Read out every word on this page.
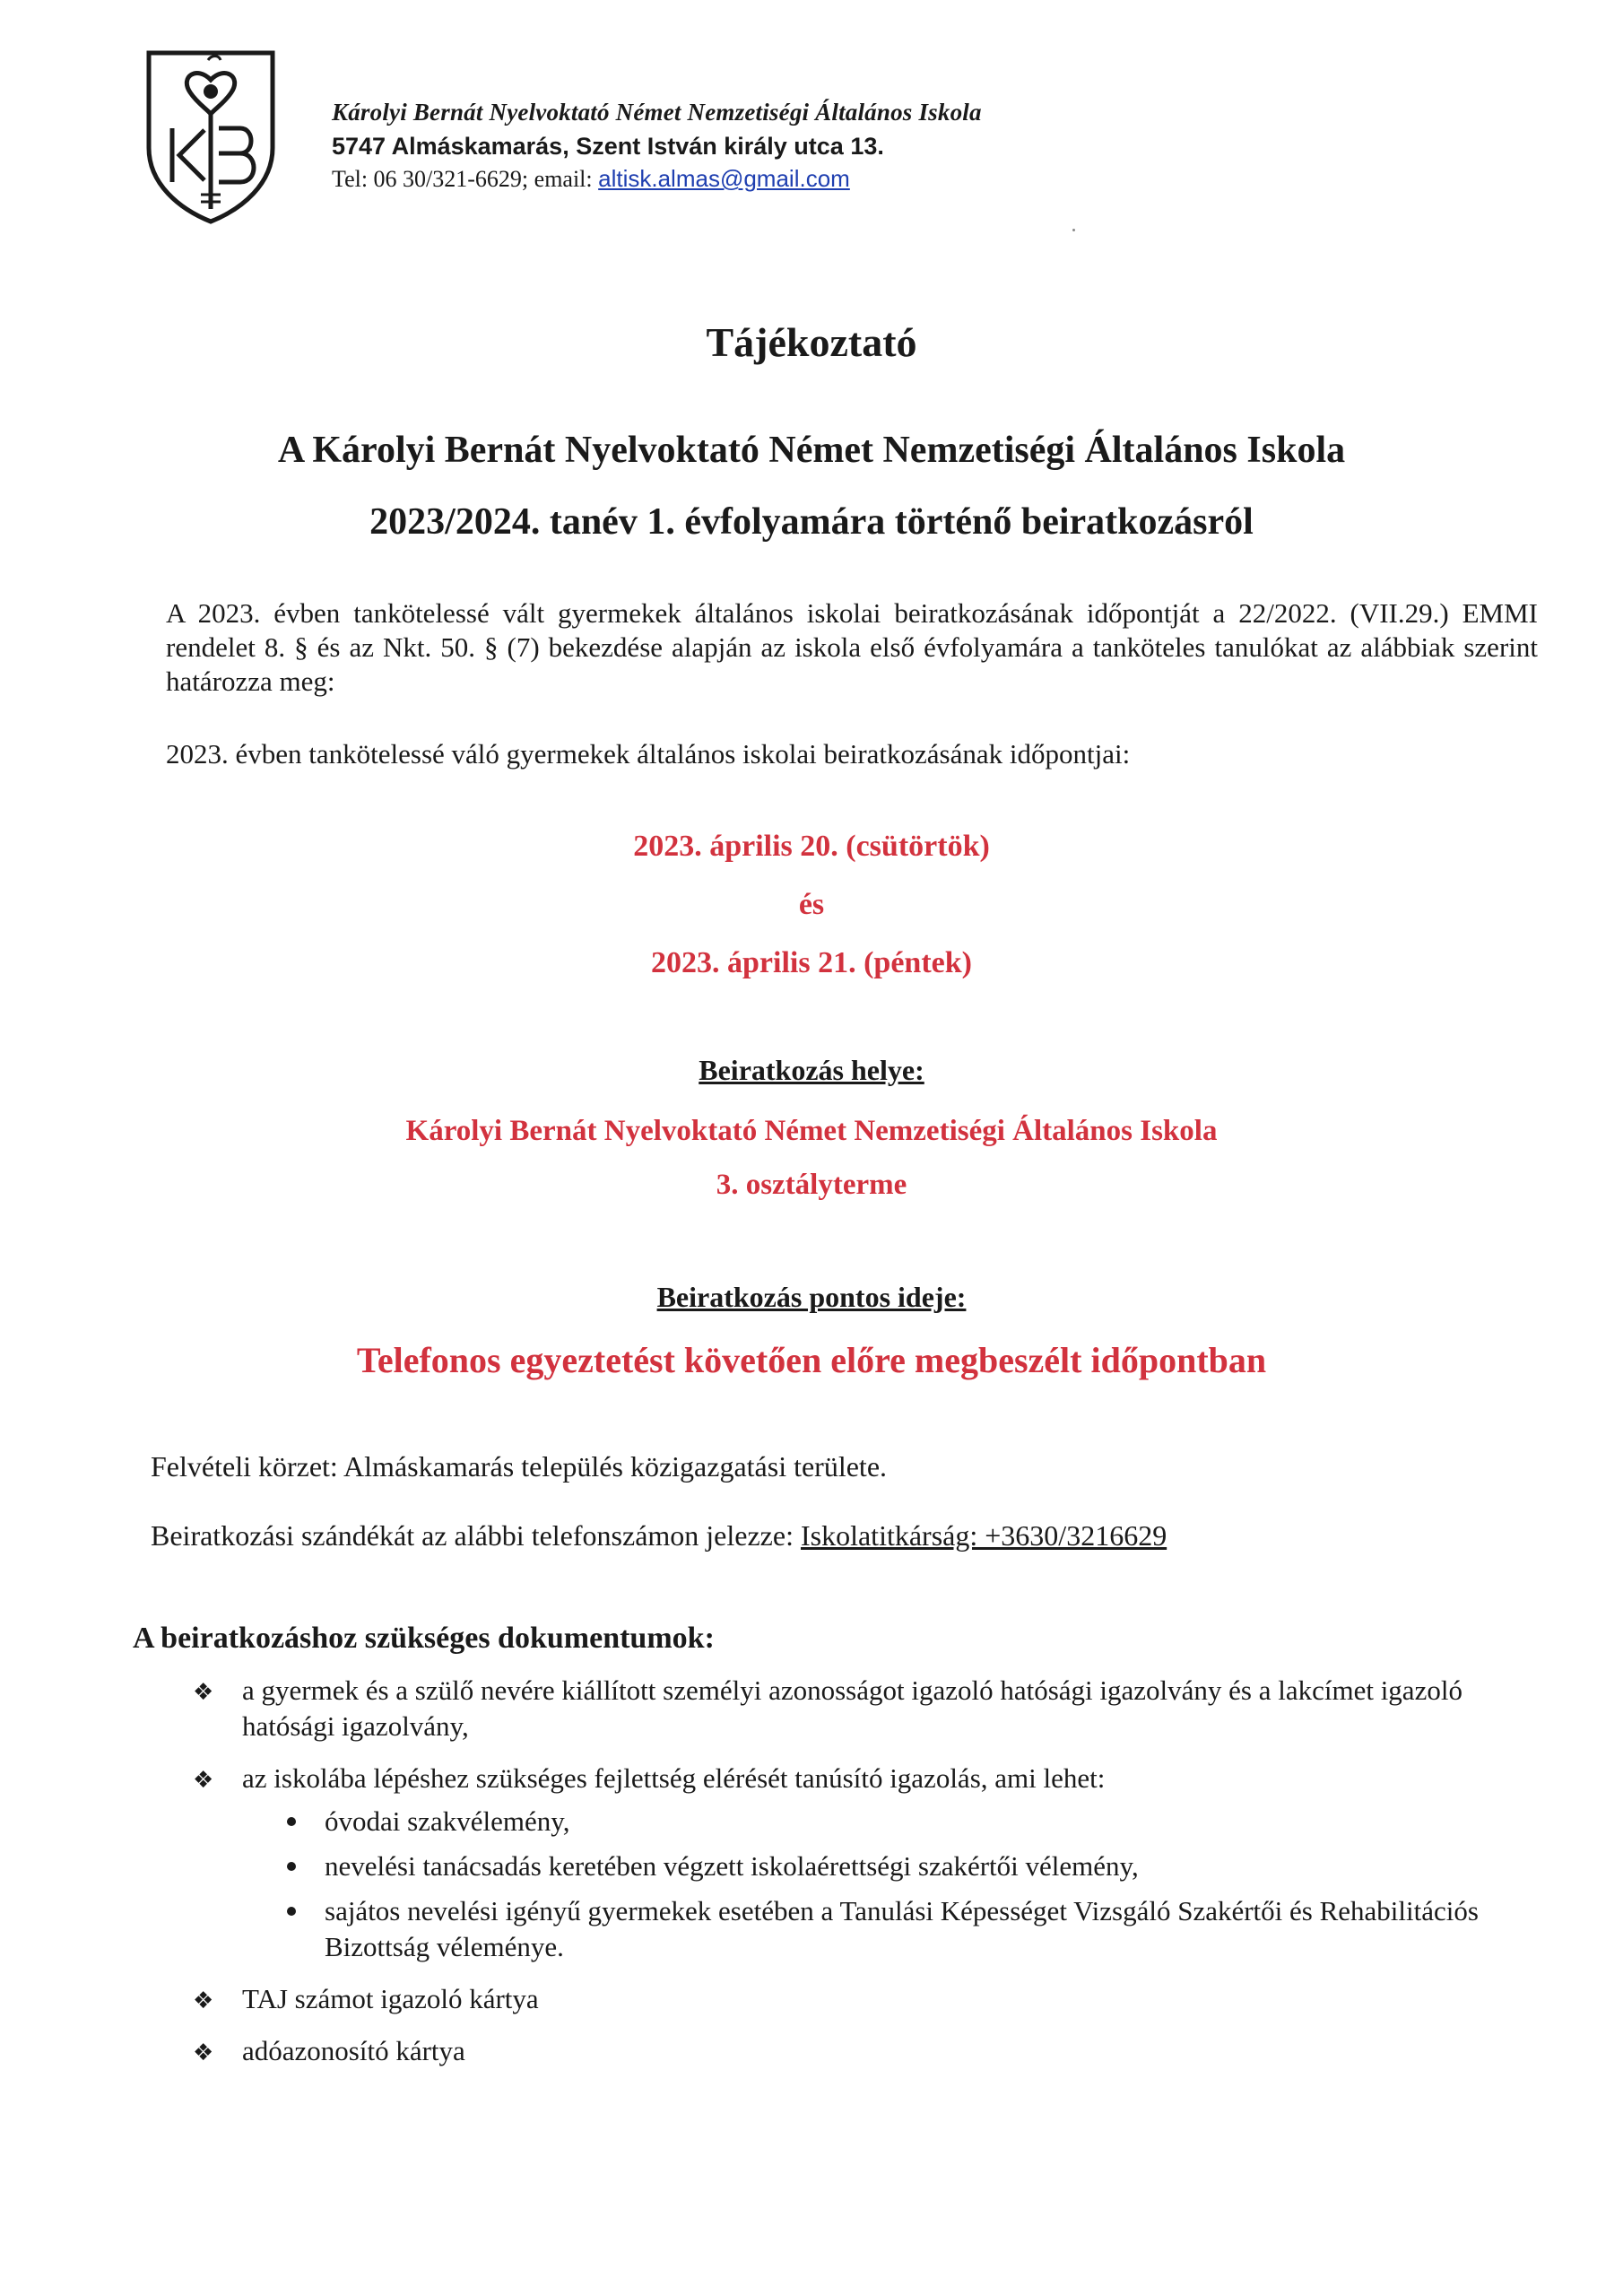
Károlyi Bernát Nyelvoktató Német Nemzetiségi Általános Iskola

5747 Almáskamarás, Szent István király utca 13.

Tel: 06 30/321-6629; email: altisk.almas@gmail.com

Tájékoztató
A Károlyi Bernát Nyelvoktató Német Nemzetiségi Általános Iskola
2023/2024. tanév 1. évfolyamára történő beiratkozásról
A 2023. évben tankötelessé vált gyermekek általános iskolai beiratkozásának időpontját a 22/2022. (VII.29.) EMMI rendelet 8. § és az Nkt. 50. § (7) bekezdése alapján az iskola első évfolyamára a tanköteles tanulókat az alábbiak szerint határozza meg:
2023. évben tankötelessé váló gyermekek általános iskolai beiratkozásának időpontjai:
2023. április 20. (csütörtök)
és
2023. április 21. (péntek)
Beiratkozás helye:
Károlyi Bernát Nyelvoktató Német Nemzetiségi Általános Iskola
3. osztályterme
Beiratkozás pontos ideje:
Telefonos egyeztetést követően előre megbeszélt időpontban
Felvételi körzet: Almáskamarás település közigazgatási területe.
Beiratkozási szándékát az alábbi telefonszámon jelezze: Iskolatitkárság: +3630/3216629
A beiratkozáshoz szükséges dokumentumok:
❖ a gyermek és a szülő nevére kiállított személyi azonosságot igazoló hatósági igazolvány és a lakcímet igazoló hatósági igazolvány,
❖ az iskolába lépéshez szükséges fejlettség elérését tanúsító igazolás, ami lehet:
óvodai szakvélemény,
nevelési tanácsadás keretében végzett iskolaérettségi szakértői vélemény,
sajátos nevelési igényű gyermekek esetében a Tanulási Képességet Vizsgáló Szakértői és Rehabilitációs Bizottság véleménye.
❖ TAJ számot igazoló kártya
❖ adóazonosító kártya
